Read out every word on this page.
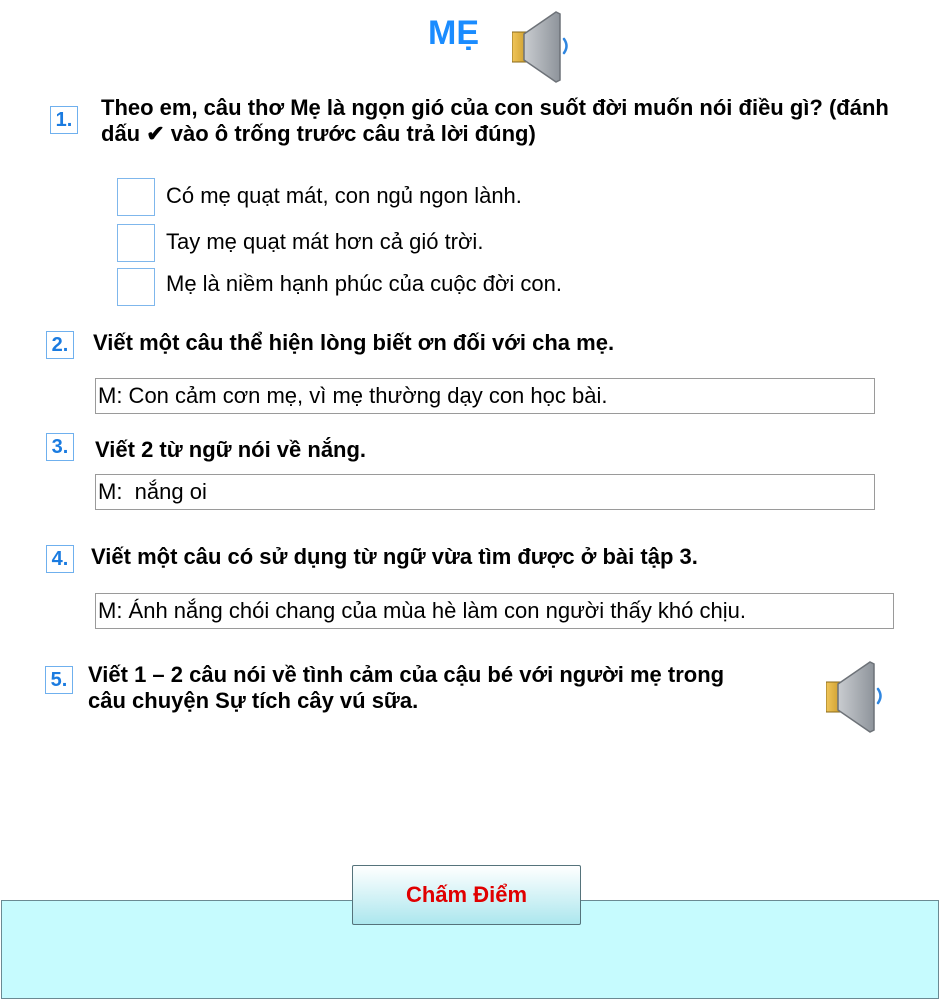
MẸ
1. Theo em, câu thơ Mẹ là ngọn gió của con suốt đời muốn nói điều gì? (đánh dấu ✔ vào ô trống trước câu trả lời đúng)
Có mẹ quạt mát, con ngủ ngon lành.
Tay mẹ quạt mát hơn cả gió trời.
Mẹ là niềm hạnh phúc của cuộc đời con.
2. Viết một câu thể hiện lòng biết ơn đối với cha mẹ.
M: Con cảm cơn mẹ, vì mẹ thường dạy con học bài.
3. Viết 2 từ ngữ nói về nắng.
M: nắng oi
4. Viết một câu có sử dụng từ ngữ vừa tìm được ở bài tập 3.
M: Ánh nắng chói chang của mùa hè làm con người thấy khó chịu.
5. Viết 1 – 2 câu nói về tình cảm của cậu bé với người mẹ trong câu chuyện Sự tích cây vú sữa.
Chấm Điểm
